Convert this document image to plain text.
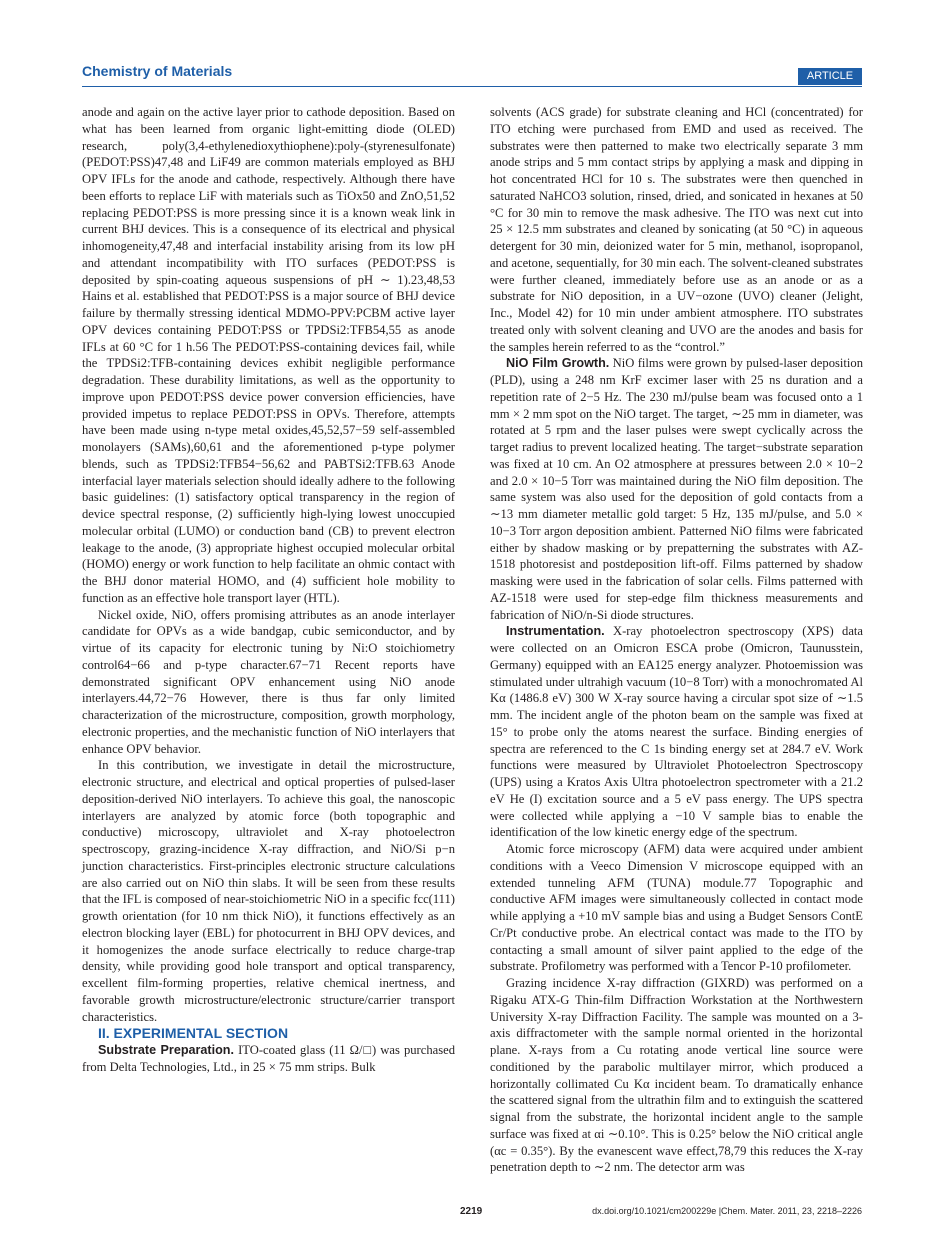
Chemistry of Materials	ARTICLE

anode and again on the active layer prior to cathode deposition. Based on what has been learned from organic light-emitting diode (OLED) research, poly(3,4-ethylenedioxythiophene):poly-(styrenesulfonate) (PEDOT:PSS)47,48 and LiF49 are common materials employed as BHJ OPV IFLs for the anode and cathode, respectively. Although there have been efforts to replace LiF with materials such as TiOx50 and ZnO,51,52 replacing PEDOT:PSS is more pressing since it is a known weak link in current BHJ devices. This is a consequence of its electrical and physical inhomogeneity,47,48 and interfacial instability arising from its low pH and attendant incompatibility with ITO surfaces (PEDOT:PSS is deposited by spin-coating aqueous suspensions of pH ∼ 1).23,48,53 Hains et al. established that PEDOT:PSS is a major source of BHJ device failure by thermally stressing identical MDMO-PPV:PCBM active layer OPV devices containing PEDOT:PSS or TPDSi2:TFB54,55 as anode IFLs at 60 °C for 1 h.56 The PEDOT:PSS-containing devices fail, while the TPDSi2:TFB-containing devices exhibit negligible performance degradation. These durability limitations, as well as the opportunity to improve upon PEDOT:PSS device power conversion efficiencies, have provided impetus to replace PEDOT:PSS in OPVs. Therefore, attempts have been made using n-type metal oxides,45,52,57−59 self-assembled monolayers (SAMs),60,61 and the aforementioned p-type polymer blends, such as TPDSi2:TFB54−56,62 and PABTSi2:TFB.63 Anode interfacial layer materials selection should ideally adhere to the following basic guidelines: (1) satisfactory optical transparency in the region of device spectral response, (2) sufficiently high-lying lowest unoccupied molecular orbital (LUMO) or conduction band (CB) to prevent electron leakage to the anode, (3) appropriate highest occupied molecular orbital (HOMO) energy or work function to help facilitate an ohmic contact with the BHJ donor material HOMO, and (4) sufficient hole mobility to function as an effective hole transport layer (HTL).

Nickel oxide, NiO, offers promising attributes as an anode interlayer candidate for OPVs as a wide bandgap, cubic semiconductor, and by virtue of its capacity for electronic tuning by Ni:O stoichiometry control64−66 and p-type character.67−71 Recent reports have demonstrated significant OPV enhancement using NiO anode interlayers.44,72−76 However, there is thus far only limited characterization of the microstructure, composition, growth morphology, electronic properties, and the mechanistic function of NiO interlayers that enhance OPV behavior.

In this contribution, we investigate in detail the microstructure, electronic structure, and electrical and optical properties of pulsed-laser deposition-derived NiO interlayers. To achieve this goal, the nanoscopic interlayers are analyzed by atomic force (both topographic and conductive) microscopy, ultraviolet and X-ray photoelectron spectroscopy, grazing-incidence X-ray diffraction, and NiO/Si p−n junction characteristics. First-principles electronic structure calculations are also carried out on NiO thin slabs. It will be seen from these results that the IFL is composed of near-stoichiometric NiO in a specific fcc(111) growth orientation (for 10 nm thick NiO), it functions effectively as an electron blocking layer (EBL) for photocurrent in BHJ OPV devices, and it homogenizes the anode surface electrically to reduce charge-trap density, while providing good hole transport and optical transparency, excellent film-forming properties, relative chemical inertness, and favorable growth microstructure/electronic structure/carrier transport characteristics.

II. EXPERIMENTAL SECTION

Substrate Preparation. ITO-coated glass (11 Ω/□) was purchased from Delta Technologies, Ltd., in 25 × 75 mm strips. Bulk

solvents (ACS grade) for substrate cleaning and HCl (concentrated) for ITO etching were purchased from EMD and used as received. The substrates were then patterned to make two electrically separate 3 mm anode strips and 5 mm contact strips by applying a mask and dipping in hot concentrated HCl for 10 s. The substrates were then quenched in saturated NaHCO3 solution, rinsed, dried, and sonicated in hexanes at 50 °C for 30 min to remove the mask adhesive. The ITO was next cut into 25 × 12.5 mm substrates and cleaned by sonicating (at 50 °C) in aqueous detergent for 30 min, deionized water for 5 min, methanol, isopropanol, and acetone, sequentially, for 30 min each. The solvent-cleaned substrates were further cleaned, immediately before use as an anode or as a substrate for NiO deposition, in a UV−ozone (UVO) cleaner (Jelight, Inc., Model 42) for 10 min under ambient atmosphere. ITO substrates treated only with solvent cleaning and UVO are the anodes and basis for the samples herein referred to as the “control.”

NiO Film Growth. NiO films were grown by pulsed-laser deposition (PLD), using a 248 nm KrF excimer laser with 25 ns duration and a repetition rate of 2−5 Hz. The 230 mJ/pulse beam was focused onto a 1 mm × 2 mm spot on the NiO target. The target, ∼25 mm in diameter, was rotated at 5 rpm and the laser pulses were swept cyclically across the target radius to prevent localized heating. The target−substrate separation was fixed at 10 cm. An O2 atmosphere at pressures between 2.0 × 10−2 and 2.0 × 10−5 Torr was maintained during the NiO film deposition. The same system was also used for the deposition of gold contacts from a ∼13 mm diameter metallic gold target: 5 Hz, 135 mJ/pulse, and 5.0 × 10−3 Torr argon deposition ambient. Patterned NiO films were fabricated either by shadow masking or by prepatterning the substrates with AZ-1518 photoresist and postdeposition lift-off. Films patterned by shadow masking were used in the fabrication of solar cells. Films patterned with AZ-1518 were used for step-edge film thickness measurements and fabrication of NiO/n-Si diode structures.

Instrumentation. X-ray photoelectron spectroscopy (XPS) data were collected on an Omicron ESCA probe (Omicron, Taunusstein, Germany) equipped with an EA125 energy analyzer. Photoemission was stimulated under ultrahigh vacuum (10−8 Torr) with a monochromated Al Kα (1486.8 eV) 300 W X-ray source having a circular spot size of ∼1.5 mm. The incident angle of the photon beam on the sample was fixed at 15° to probe only the atoms nearest the surface. Binding energies of spectra are referenced to the C 1s binding energy set at 284.7 eV. Work functions were measured by Ultraviolet Photoelectron Spectroscopy (UPS) using a Kratos Axis Ultra photoelectron spectrometer with a 21.2 eV He (I) excitation source and a 5 eV pass energy. The UPS spectra were collected while applying a −10 V sample bias to enable the identification of the low kinetic energy edge of the spectrum.

Atomic force microscopy (AFM) data were acquired under ambient conditions with a Veeco Dimension V microscope equipped with an extended tunneling AFM (TUNA) module.77 Topographic and conductive AFM images were simultaneously collected in contact mode while applying a +10 mV sample bias and using a Budget Sensors ContE Cr/Pt conductive probe. An electrical contact was made to the ITO by contacting a small amount of silver paint applied to the edge of the substrate. Profilometry was performed with a Tencor P-10 profilometer.

Grazing incidence X-ray diffraction (GIXRD) was performed on a Rigaku ATX-G Thin-film Diffraction Workstation at the Northwestern University X-ray Diffraction Facility. The sample was mounted on a 3-axis diffractometer with the sample normal oriented in the horizontal plane. X-rays from a Cu rotating anode vertical line source were conditioned by the parabolic multilayer mirror, which produced a horizontally collimated Cu Kα incident beam. To dramatically enhance the scattered signal from the ultrathin film and to extinguish the scattered signal from the substrate, the horizontal incident angle to the sample surface was fixed at αi ∼0.10°. This is 0.25° below the NiO critical angle (αc = 0.35°). By the evanescent wave effect,78,79 this reduces the X-ray penetration depth to ∼2 nm. The detector arm was

2219	dx.doi.org/10.1021/cm200229e |Chem. Mater. 2011, 23, 2218–2226
